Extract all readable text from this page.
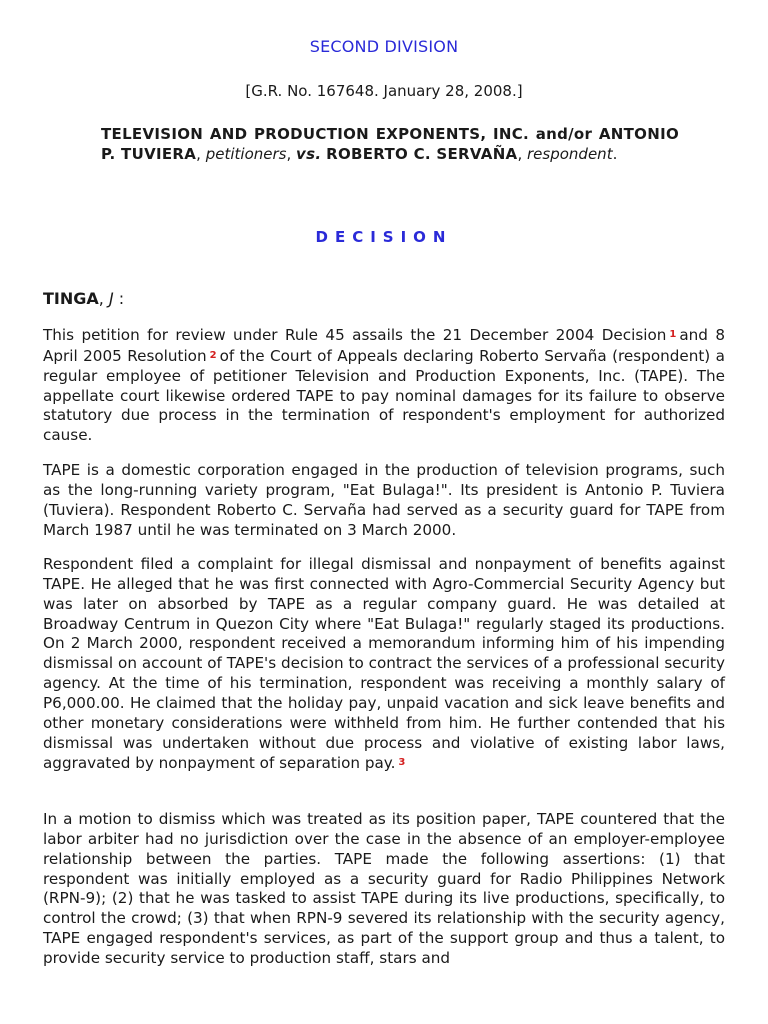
SECOND DIVISION
[G.R. No. 167648. January 28, 2008.]
TELEVISION AND PRODUCTION EXPONENTS, INC. and/or ANTONIO P. TUVIERA, petitioners, vs. ROBERTO C. SERVAÑA, respondent.
DECISION
TINGA, J :

This petition for review under Rule 45 assails the 21 December 2004 Decision 1 and 8 April 2005 Resolution 2 of the Court of Appeals declaring Roberto Servaña (respondent) a regular employee of petitioner Television and Production Exponents, Inc. (TAPE). The appellate court likewise ordered TAPE to pay nominal damages for its failure to observe statutory due process in the termination of respondent's employment for authorized cause.

TAPE is a domestic corporation engaged in the production of television programs, such as the long-running variety program, "Eat Bulaga!". Its president is Antonio P. Tuviera (Tuviera). Respondent Roberto C. Servaña had served as a security guard for TAPE from March 1987 until he was terminated on 3 March 2000.

Respondent filed a complaint for illegal dismissal and nonpayment of benefits against TAPE. He alleged that he was first connected with Agro-Commercial Security Agency but was later on absorbed by TAPE as a regular company guard. He was detailed at Broadway Centrum in Quezon City where "Eat Bulaga!" regularly staged its productions. On 2 March 2000, respondent received a memorandum informing him of his impending dismissal on account of TAPE's decision to contract the services of a professional security agency. At the time of his termination, respondent was receiving a monthly salary of P6,000.00. He claimed that the holiday pay, unpaid vacation and sick leave benefits and other monetary considerations were withheld from him. He further contended that his dismissal was undertaken without due process and violative of existing labor laws, aggravated by nonpayment of separation pay. 3

In a motion to dismiss which was treated as its position paper, TAPE countered that the labor arbiter had no jurisdiction over the case in the absence of an employer-employee relationship between the parties. TAPE made the following assertions: (1) that respondent was initially employed as a security guard for Radio Philippines Network (RPN-9); (2) that he was tasked to assist TAPE during its live productions, specifically, to control the crowd; (3) that when RPN-9 severed its relationship with the security agency, TAPE engaged respondent's services, as part of the support group and thus a talent, to provide security service to production staff, stars and
